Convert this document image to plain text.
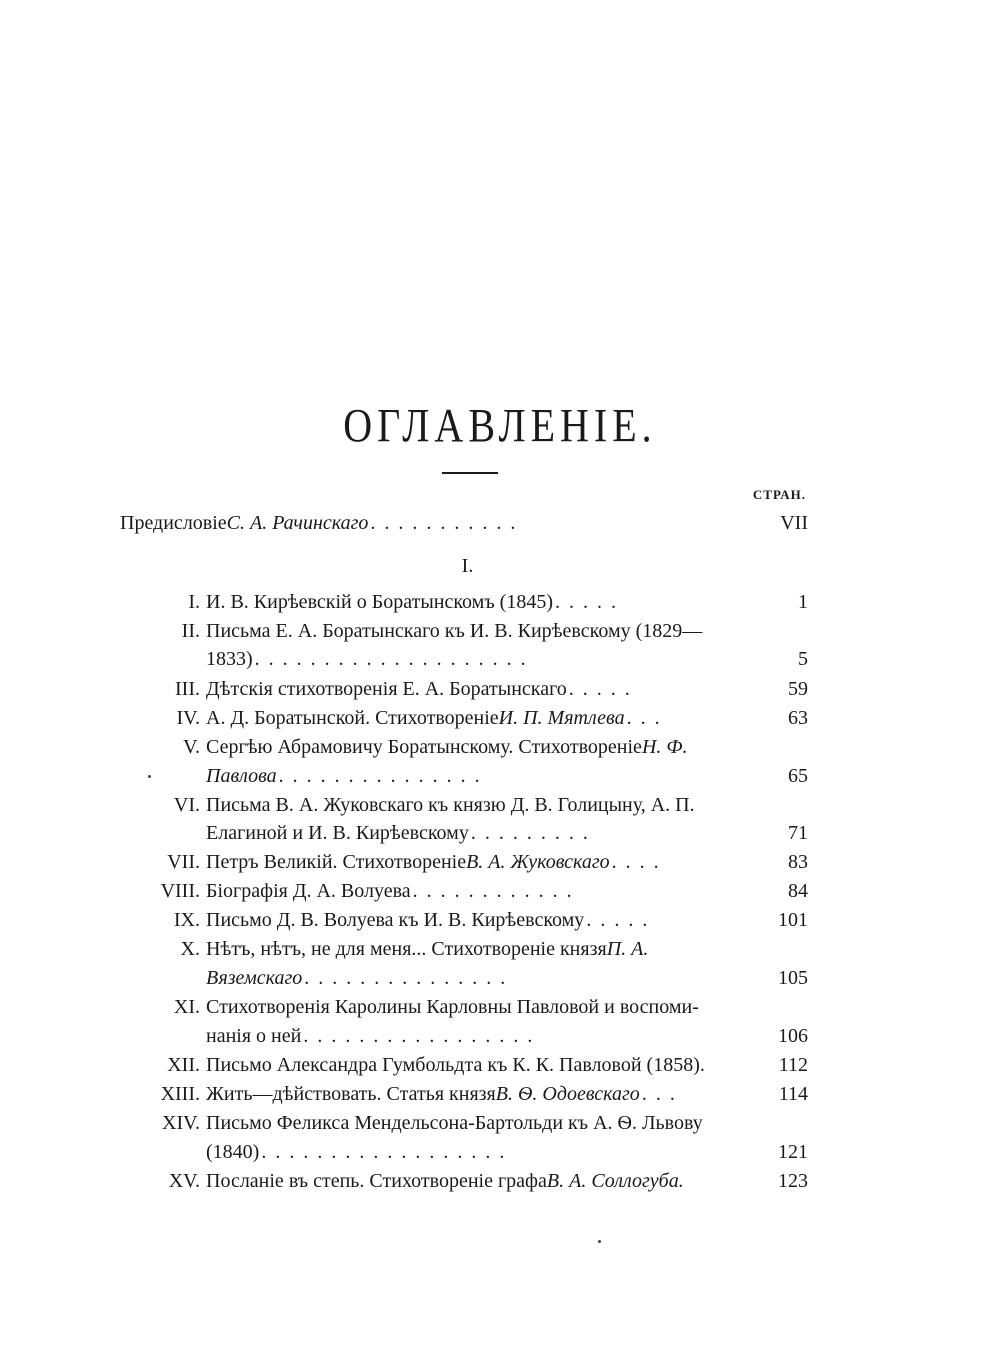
ОГЛАВЛЕНІЕ.
СТРАН.
ПредисловіеС. А. Рачинскаго ...........	VII
I.
I. И. В. Кирѣевскій о Боратынскомъ (1845) .....	1
II. Письма Е. А. Боратынскаго къ И. В. Кирѣевскому (1829—
1833) ....................	5
III. Дѣтскія стихотворенія Е. А. Боратынскаго .....	59
IV. А. Д. Боратынской. СтихотвореніеИ. П. Мятлева ...	63
V. Сергѣю Абрамовичу Боратынскому. СтихотвореніеН. Ф.
Павлова ...............	65
VI. Письма В. А. Жуковскаго къ князю Д. В. Голицыну, А. П.
Елагиной и И. В. Кирѣевскому .........	71
VII. Петръ Великій. СтихотвореніеВ. А. Жуковскаго ....	83
VIII. Біографія Д. А. Волуева ............	84
IX. Письмо Д. В. Волуева къ И. В. Кирѣевскому .....	101
X. Нѣтъ, нѣтъ, не для меня... Стихотвореніе князяП. А.
Вяземскаго ...............	105
XI. Стихотворенія Каролины Карловны Павловой и воспоми-
нанія о ней .................	106
XII. Письмо Александра Гумбольдта къ К. К. Павловой (1858).	112
XIII. Жить—дѣйствовать. Статья князяВ. Ѳ. Одоевскаго ...	114
XIV. Письмо Феликса Мендельсона-Бартольди къ А. Ѳ. Львову
(1840) ..................	121
XV. Посланіе въ степь. Стихотвореніе графаВ. А. Соллогуба.	123
